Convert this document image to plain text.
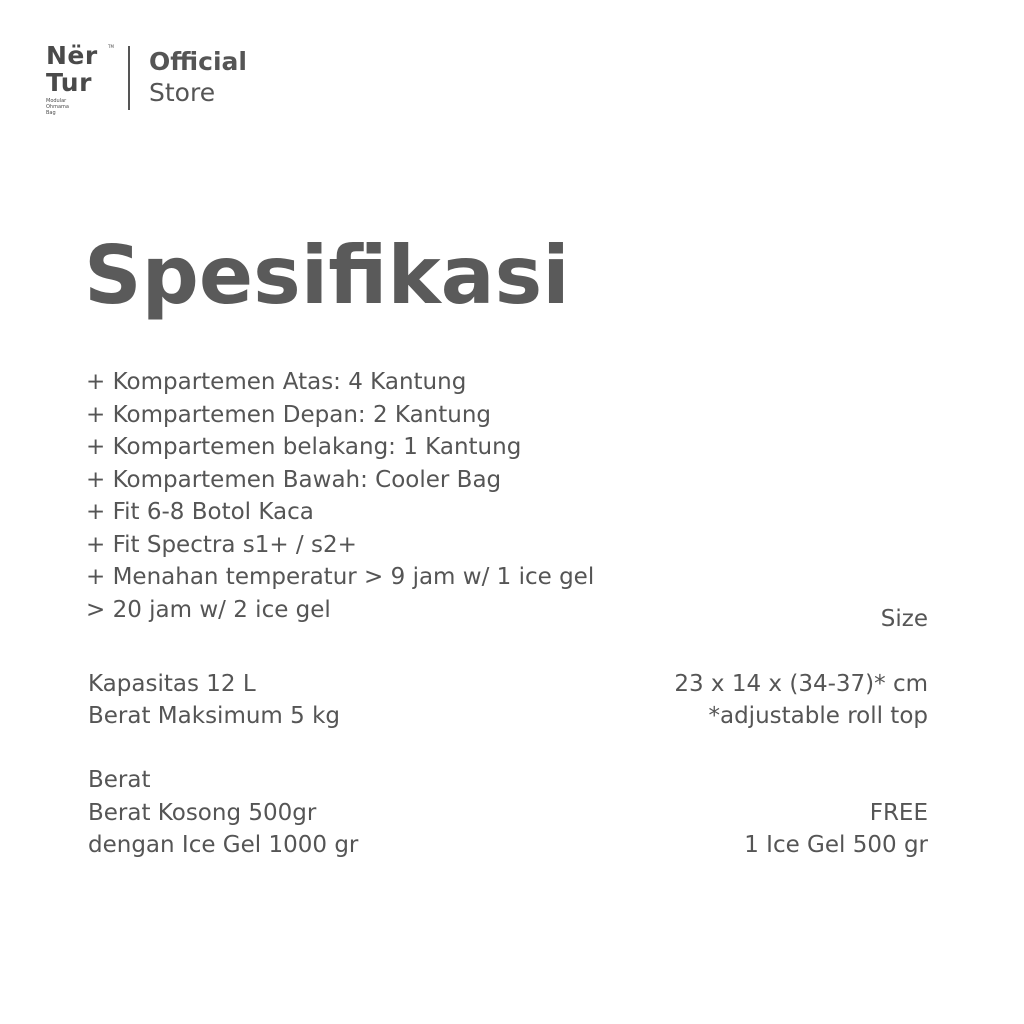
Nër
Tur
TM
Modular
Ohmama
Bag
Official
Store
Spesifikasi
+ Kompartemen Atas: 4 Kantung
+ Kompartemen Depan: 2 Kantung
+ Kompartemen belakang: 1 Kantung
+ Kompartemen Bawah: Cooler Bag
+ Fit 6-8 Botol Kaca
+ Fit Spectra s1+ / s2+
+ Menahan temperatur > 9 jam w/ 1 ice gel
> 20 jam w/ 2 ice gel	Size
Kapasitas 12 L
Berat Maksimum 5 kg
23 x 14 x (34-37)* cm
*adjustable roll top
Berat
Berat Kosong 500gr
dengan Ice Gel 1000 gr
FREE
1 Ice Gel 500 gr
